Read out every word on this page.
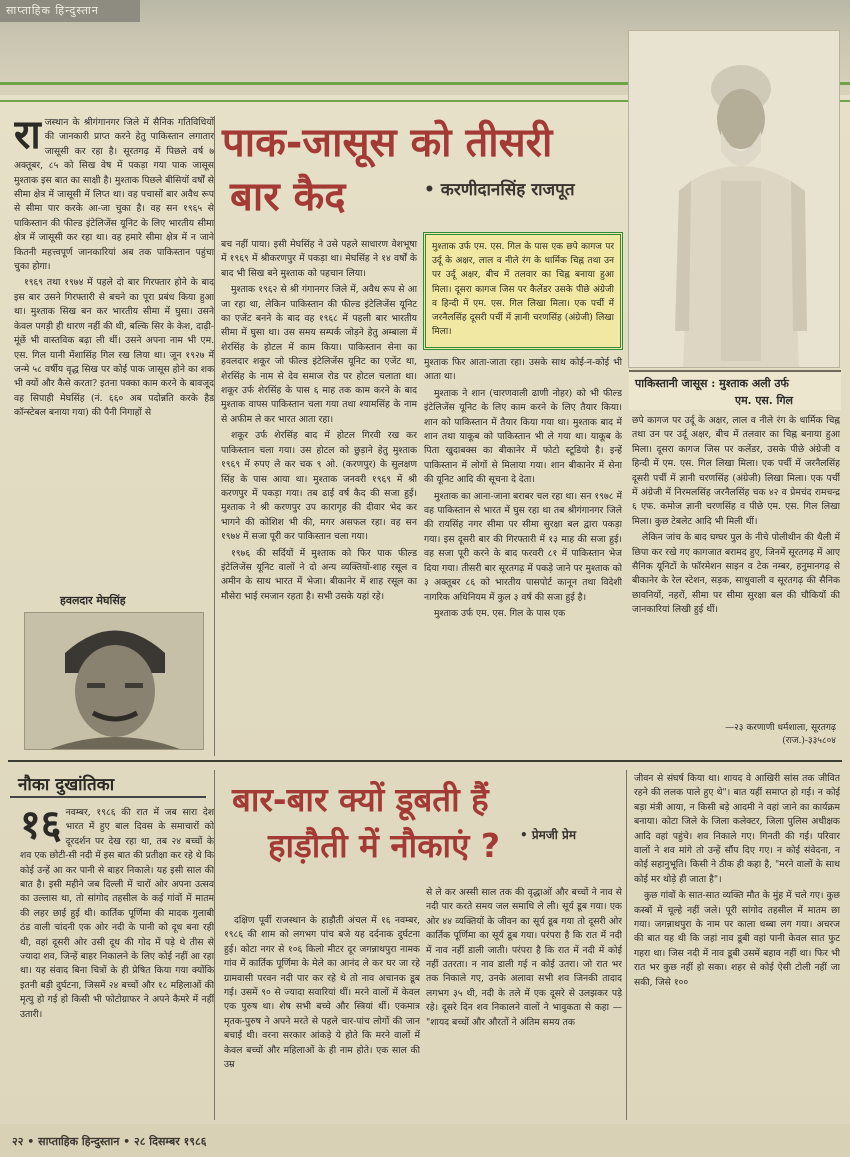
साप्ताहिक हिन्दुस्तान
रा जस्थान के श्रीगंगानगर जिले में सैनिक गतिविधियों की जानकारी प्राप्त करने हेतु पाकिस्तान लगातार जासूसी कर रहा है। सूरतगढ़ में पिछले वर्ष ७ अक्तूबर, ८५ को सिख वेष में पकड़ा गया पाक जासूस मुश्ताक इस बात का साक्षी है। मुश्ताक पिछले बीसियों वर्षों से सीमा क्षेत्र में जासूसी में लिप्त था। वह पचासों बार अवैध रूप से सीमा पार करके आ-जा चुका है। वह सन १९६५ से पाकिस्तान की फील्ड इंटेलिजेंस यूनिट के लिए भारतीय सीमा क्षेत्र में जासूसी कर रहा था। वह हमारे सीमा क्षेत्र में न जाने कितनी महत्त्वपूर्ण जानकारियां अब तक पाकिस्तान पहुंचा चुका होगा।

१९६९ तथा १९७४ में पहले दो बार गिरफ्तार होने के बाद इस बार उसने गिरफ्तारी से बचने का पूरा प्रबंध किया हुआ था। मुश्ताक सिख बन कर भारतीय सीमा में घुसा। उसने केवल पगड़ी ही धारण नहीं की थी, बल्कि सिर के केश, दाढ़ी-मूंछें भी वास्तविक बढ़ा ली थीं। उसने अपना नाम भी एम. एस. गिल यानी मेंशासिंह गिल रख लिया था। जून १९२७ में जन्मे ५८ वर्षीय वृद्ध सिख पर कोई पाक जासूस होने का शक भी क्यों और कैसे करता? इतना पक्का काम करने के बावजूद वह सिपाही मेघसिंह (नं. ६६० अब पदोन्नति करके हैड कॉन्स्टेबल बनाया गया) की पैनी निगाहों से

हवलदार मेघसिंह
पाक-जासूस को तीसरी
बार कैद	• करणीदानसिंह राजपूत

बच नहीं पाया। इसी मेघसिंह ने उसे पहले साधारण वेशभूषा में १९६९ में श्रीकरणपुर में पकड़ा था। मेघसिंह ने १४ वर्षों के बाद भी सिख बने मुश्ताक को पहचान लिया।

मुश्ताक १९६२ से श्री गंगानगर जिले में, अवैध रूप से आ जा रहा था, लेकिन पाकिस्तान की फील्ड इंटेलिजेंस यूनिट का एजेंट बनने के बाद वह १९६८ में पहली बार भारतीय सीमा में घुसा था। उस समय सम्पर्क जोड़ने हेतु अम्बाला में शेरसिंह के होटल में काम किया। पाकिस्तान सेना का हवलदार शकूर जो फील्ड इंटेलिजेंस यूनिट का एजेंट था, शेरसिंह के नाम से देव समाज रोड पर होटल चलाता था। शकूर उर्फ शेरसिंह के पास ६ माह तक काम करने के बाद मुश्ताक वापस पाकिस्तान चला गया तथा श्यामसिंह के नाम से अफीम ले कर भारत आता रहा।

शकूर उर्फ शेरसिंह बाद में होटल गिरवी रख कर पाकिस्तान चला गया। उस होटल को छुड़ाने हेतु मुश्ताक १९६९ में रुपए ले कर चक ९ ओ. (करणपुर) के सुलक्षण सिंह के पास आया था। मुश्ताक जनवरी १९६९ में श्री करणपुर में पकड़ा गया। तब ढाई वर्ष कैद की सजा हुई। मुश्ताक ने श्री करणपुर उप कारागृह की दीवार भेद कर भागने की कोशिश भी की, मगर असफल रहा। वह सन १९७४ में सजा पूरी कर पाकिस्तान चला गया।

१९७६ की सर्दियों में मुश्ताक को फिर पाक फील्ड इंटेलिजेंस यूनिट वालों ने दो अन्य व्यक्तियों-शाह रसूल व अमीन के साथ भारत में भेजा। बीकानेर में शाह रसूल का मौसेरा भाई रमजान रहता है। सभी उसके यहां रहे।

मुश्ताक उर्फ एम. एस. गिल के पास एक छपे कागज पर उर्दू के अक्षर, लाल व नीले रंग के धार्मिक चिह्न तथा उन पर उर्दू अक्षर, बीच में तलवार का चिह्न बनाया हुआ मिला। दूसरा कागज जिस पर कैलेंडर उसके पीछे अंग्रेजी व हिन्दी में एम. एस. गिल लिखा मिला। एक पर्ची में जरनैलसिंह दूसरी पर्ची में ज्ञानी चरणसिंह (अंग्रेजी) लिखा मिला।

मुश्ताक फिर आता-जाता रहा। उसके साथ कोई-न-कोई भी आता था।

मुश्ताक ने शान (चारणवाली ढाणी नोहर) को भी फील्ड इंटेलिजेंस यूनिट के लिए काम करने के लिए तैयार किया। शान को पाकिस्तान में तैयार किया गया था। मुश्ताक बाद में शान तथा याकूब को पाकिस्तान भी ले गया था। याकूब के पिता खुदाबक्स का बीकानेर में फोटो स्टूडियो है। इन्हें पाकिस्तान में लोगों से मिलाया गया। शान बीकानेर में सेना की यूनिट आदि की सूचना दे देता।

मुश्ताक का आना-जाना बराबर चल रहा था। सन १९७८ में वह पाकिस्तान से भारत में घुस रहा था तब श्रीगंगानगर जिले की रायसिंह नगर सीमा पर सीमा सुरक्षा बल द्वारा पकड़ा गया। इस दूसरी बार की गिरफ्तारी में १३ माह की सजा हुई। वह सजा पूरी करने के बाद फरवरी ८१ में पाकिस्तान भेज दिया गया। तीसरी बार सूरतगढ़ में पकड़े जाने पर मुश्ताक को ३ अक्तूबर ८६ को भारतीय पासपोर्ट कानून तथा विदेशी नागरिक अधिनियम में कुल ३ वर्ष की सजा हुई है।

मुश्ताक उर्फ एम. एस. गिल के पास एक

पाकिस्तानी जासूस : मुश्ताक अली उर्फ
एम. एस. गिल

छपे कागज पर उर्दू के अक्षर, लाल व नीले रंग के धार्मिक चिह्न तथा उन पर उर्दू अक्षर, बीच में तलवार का चिह्न बनाया हुआ मिला। दूसरा कागज जिस पर कलेंडर, उसके पीछे अंग्रेजी व हिन्दी में एम. एस. गिल लिखा मिला। एक पर्ची में जरनैलसिंह दूसरी पर्ची में ज्ञानी चरणसिंह (अंग्रेजी) लिखा मिला। एक पर्ची में अंग्रेजी में निरमलसिंह जरनैलसिंह चक ४२ व प्रेमचंद रामचन्द्र ६ एफ. कमोज ज्ञानी चरणसिंह व पीछे एम. एस. गिल लिखा मिला। कुछ टेबलेट आदि भी मिली थीं।

लेकिन जांच के बाद घग्घर पुल के नीचे पोलीथीन की थैली में छिपा कर रखे गए कागजात बरामद हुए, जिनमें सूरतगढ़ में आए सैनिक यूनिटों के फॉरमेशन साइन व टेक नम्बर, हनुमानगढ़ से बीकानेर के रेल स्टेशन, सड़क, साधुवाली व सूरतगढ़ की सैनिक छावनियों, नहरों, सीमा पर सीमा सुरक्षा बल की चौकियों की जानकारियां लिखी हुई थीं।

—२३ करणाणी धर्मशाला, सूरतगढ़
(राज.)-३३५८०४
नौका दुखांतिका
१६ नवम्बर, १९८६ की रात में जब सारा देश भारत में हुए बाल दिवस के समाचारों को दूरदर्शन पर देख रहा था, तब २४ बच्चों के शव एक छोटी-सी नदी में इस बात की प्रतीक्षा कर रहे थे कि कोई उन्हें आ कर पानी से बाहर निकाले। यह इसी साल की बात है। इसी महीने जब दिल्ली में चारों ओर अपना उत्सव का उल्लास था, तो सांगोद तहसील के कई गांवों में मातम की लहर छाई हुई थी। कार्तिक पूर्णिमा की मादक गुलाबी ठंड वाली चांदनी एक ओर नदी के पानी को दूध बना रही थी, वहां दूसरी ओर उसी दूध की गोद में पड़े थे तीस से ज्यादा शव, जिन्हें बाहर निकालने के लिए कोई नहीं आ रहा था। यह संवाद बिना चित्रों के ही प्रेषित किया गया क्योंकि इतनी बड़ी दुर्घटना, जिसमें २४ बच्चों और १८ महिलाओं की मृत्यु हो गई हो किसी भी फोटोग्राफर ने अपने कैमरे में नहीं उतारी।

बार-बार क्यों डूबती हैं
हाड़ौती में नौकाएं ? • प्रेमजी प्रेम

दक्षिण पूर्वी राजस्थान के हाड़ौती अंचल में १६ नवम्बर, १९८६ की शाम को लगभग पांच बजे यह दर्दनाक दुर्घटना हुई। कोटा नगर से १०६ किलो मीटर दूर जगन्नाथपुरा नामक गांव में कार्तिक पूर्णिमा के मेले का आनंद ले कर घर जा रहे ग्रामवासी परवन नदी पार कर रहे थे तो नाव अचानक डूब गई। उसमें ९० से ज्यादा सवारियां थीं। मरने वालों में केवल एक पुरुष था। शेष सभी बच्चे और स्त्रियां थीं। एकमात्र मृतक-पुरुष ने अपने मरते से पहले चार-पांच लोगों की जान बचाई थी। वरना सरकार आंकड़े ये होते कि मरने वालों में केवल बच्चों और महिलाओं के ही नाम होते। एक साल की उम्र

से ले कर अस्सी साल तक की वृद्धाओं और बच्चों ने नाव से नदी पार करते समय जल समाधि ले ली। सूर्य डूब गया। एक ओर ४४ व्यक्तियों के जीवन का सूर्य डूब गया तो दूसरी ओर कार्तिक पूर्णिमा का सूर्य डूब गया। परंपरा है कि रात में नदी में नाव नहीं डाली जाती। परंपरा है कि रात में नदी में कोई नहीं उतरता। न नाव डाली गई न कोई उतरा। जो रात भर तक निकाले गए, उनके अलावा सभी शव जिनकी तादाद लगभग ३५ थी, नदी के तले में एक दूसरे से उलझकर पड़े रहे। दूसरे दिन शव निकालने वालों ने भावुकता से कहा — "शायद बच्चों और औरतों ने अंतिम समय तक

जीवन से संघर्ष किया था। शायद वे आखिरी सांस तक जीवित रहने की ललक पाले हुए थे"। बात यहीं समाप्त हो गई। न कोई बड़ा मंत्री आया, न किसी बड़े आदमी ने वहां जाने का कार्यक्रम बनाया। कोटा जिले के जिला कलेक्टर, जिला पुलिस अधीक्षक आदि वहां पहुंचे। शव निकाले गए। गिनती की गई। परिवार वालों ने शव मांगे तो उन्हें सौंप दिए गए। न कोई संवेदना, न कोई सहानुभूति। किसी ने ठीक ही कहा है, "मरने वालों के साथ कोई मर थोड़े ही जाता है"।

कुछ गांवों के सात-सात व्यक्ति मौत के मुंह में चले गए। कुछ कस्बों में चूल्हे नहीं जले। पूरी सांगोद तहसील में मातम छा गया। जगन्नाथपुरा के नाम पर काला धब्बा लग गया। अचरज की बात यह थी कि जहां नाव डूबी वहां पानी केवल सात फुट गहरा था। जिस नदी में नाव डूबी उसमें बहाव नहीं था। फिर भी रात भर कुछ नहीं हो सका। शहर से कोई ऐसी टोली नहीं जा सकी, जिसे १००

२२ • साप्ताहिक हिन्दुस्तान • २८ दिसम्बर १९८६
